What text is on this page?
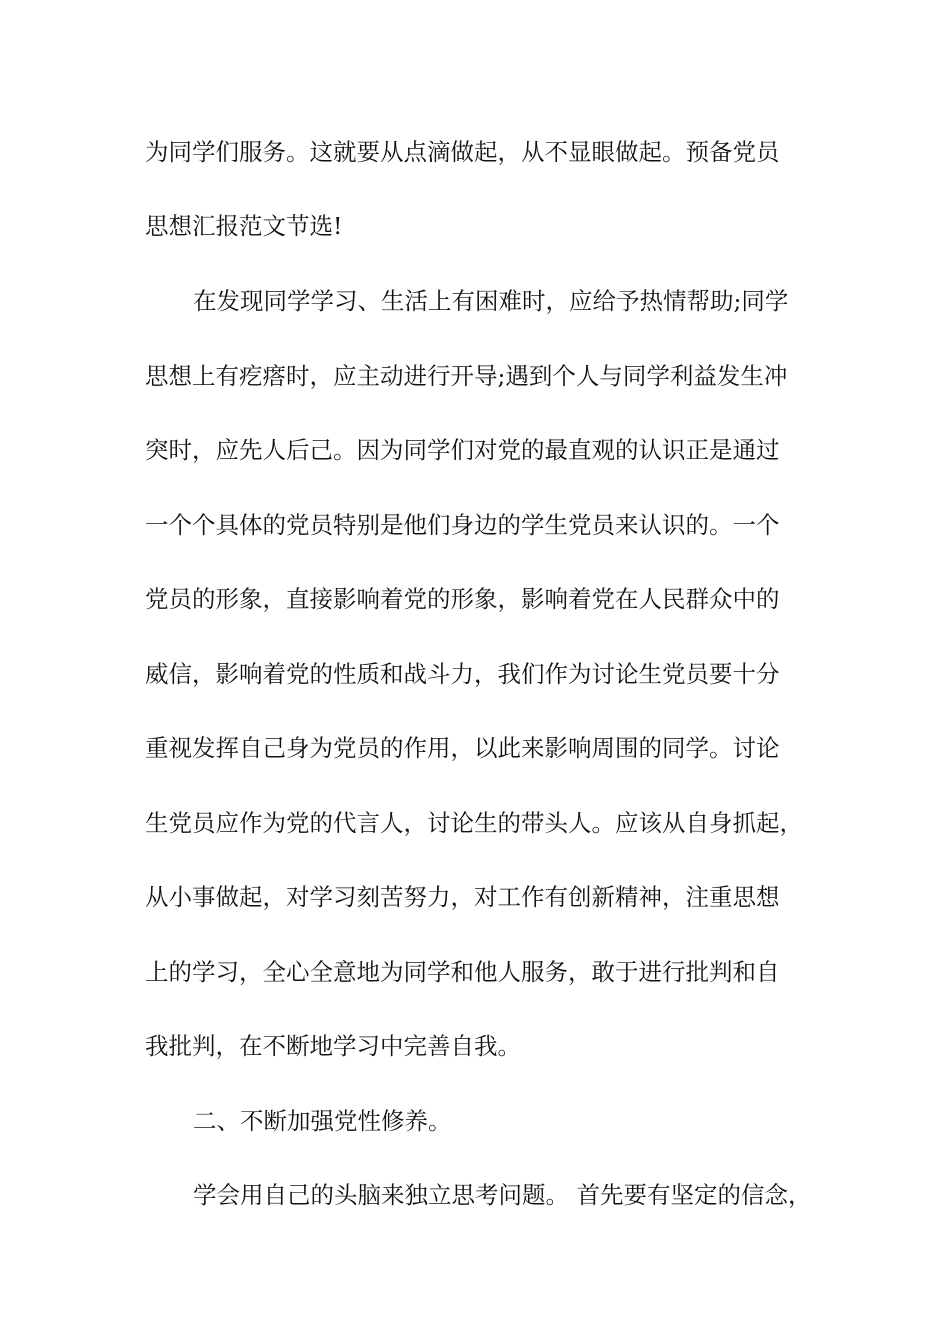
为同学们服务。这就要从点滴做起，从不显眼做起。预备党员
思想汇报范文节选!
在发现同学学习、生活上有困难时，应给予热情帮助;同学
思想上有疙瘩时，应主动进行开导;遇到个人与同学利益发生冲
突时，应先人后己。因为同学们对党的最直观的认识正是通过
一个个具体的党员特别是他们身边的学生党员来认识的。一个
党员的形象，直接影响着党的形象，影响着党在人民群众中的
威信，影响着党的性质和战斗力，我们作为讨论生党员要十分
重视发挥自己身为党员的作用，以此来影响周围的同学。讨论
生党员应作为党的代言人，讨论生的带头人。应该从自身抓起，
从小事做起，对学习刻苦努力，对工作有创新精神，注重思想
上的学习，全心全意地为同学和他人服务，敢于进行批判和自
我批判，在不断地学习中完善自我。
二、不断加强党性修养。
学会用自己的头脑来独立思考问题。 首先要有坚定的信念，
